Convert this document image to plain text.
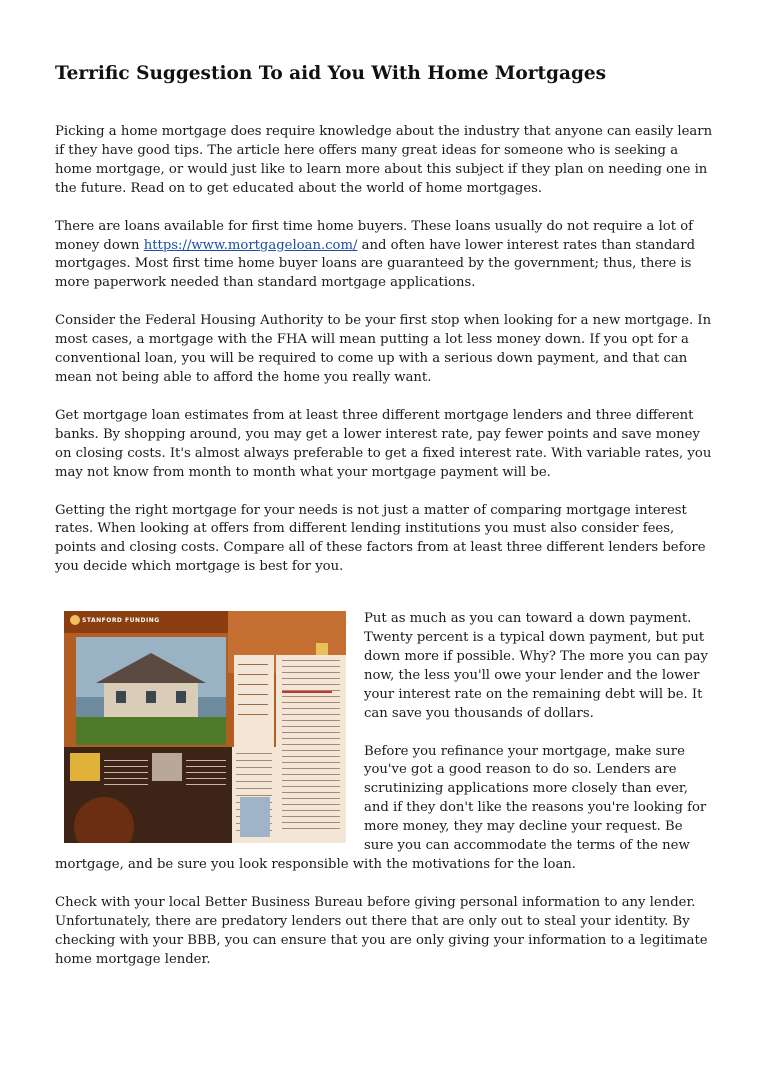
Terrific Suggestion To aid You With Home Mortgages

Picking a home mortgage does require knowledge about the industry that anyone can easily learn if they have good tips. The article here offers many great ideas for someone who is seeking a home mortgage, or would just like to learn more about this subject if they plan on needing one in the future. Read on to get educated about the world of home mortgages.

There are loans available for first time home buyers. These loans usually do not require a lot of money down https://www.mortgageloan.com/ and often have lower interest rates than standard mortgages. Most first time home buyer loans are guaranteed by the government; thus, there is more paperwork needed than standard mortgage applications.

Consider the Federal Housing Authority to be your first stop when looking for a new mortgage. In most cases, a mortgage with the FHA will mean putting a lot less money down. If you opt for a conventional loan, you will be required to come up with a serious down payment, and that can mean not being able to afford the home you really want.

Get mortgage loan estimates from at least three different mortgage lenders and three different banks. By shopping around, you may get a lower interest rate, pay fewer points and save money on closing costs. It's almost always preferable to get a fixed interest rate. With variable rates, you may not know from month to month what your mortgage payment will be.

Getting the right mortgage for your needs is not just a matter of comparing mortgage interest rates. When looking at offers from different lending institutions you must also consider fees, points and closing costs. Compare all of these factors from at least three different lenders before you decide which mortgage is best for you.

STANFORD FUNDING	Put as much as you can toward a down payment. Twenty percent is a typical down payment, but put down more if possible. Why? The more you can pay now, the less you'll owe your lender and the lower your interest rate on the remaining debt will be. It can save you thousands of dollars.

Before you refinance your mortgage, make sure you've got a good reason to do so. Lenders are scrutinizing applications more closely than ever, and if they don't like the reasons you're looking for more money, they may decline your request. Be sure you can accommodate the terms of the new mortgage, and be sure you look responsible with the motivations for the loan.

Check with your local Better Business Bureau before giving personal information to any lender. Unfortunately, there are predatory lenders out there that are only out to steal your identity. By checking with your BBB, you can ensure that you are only giving your information to a legitimate home mortgage lender.
